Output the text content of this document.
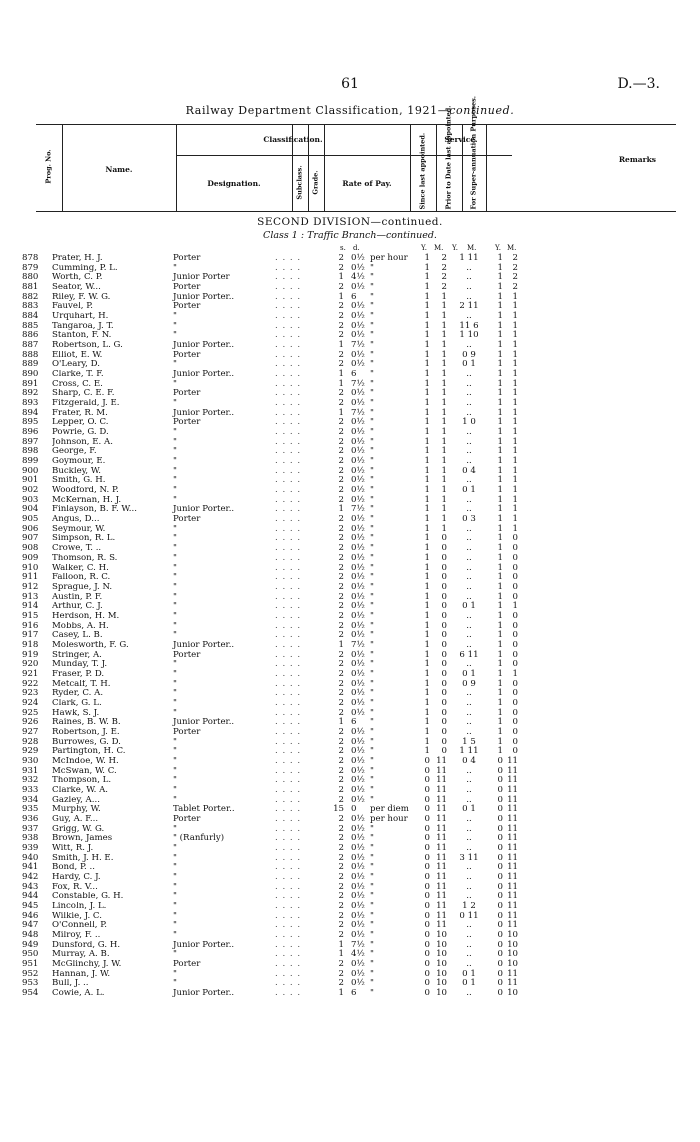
61	D.—3.
Railway Department Classification, 1921—continued.
Prog. No.	Name.
Classification.
Designation.	Subclass. Grade.	Rate of Pay.
Service.
Since last appointed.	Prior to Date last appointed.	For Super-annuation Purposes.	Remarks
SECOND DIVISION—continued.
Class 1 : Traffic Branch—continued.
s. d.	Y. M. Y. M.	Y. M.
. . . .
878	Prater, H. J.	Porter	2 0½ per hour	1	2	1 11	1	2
. . . .
879	Cumming, P. L.	"	2 0½ "	1	2	..	1	2
. . . .
880	Worth, C. P.	Junior Porter	1 4½ "	1	2	..	1	2
. . . .
881	Seator, W...	Porter	2 0½ "	1	2	..	1	2
. . . .
882	Riley, F. W. G.	Junior Porter..	1 6	"	1	1	..	1	1
. . . .
883	Fauvel, P.	Porter	2 0½ "	1	1	2 11	1	1
. . . .
884	Urquhart, H.	"	2 0½ "	1	1	..	1	1
. . . .
885	Tangaroa, J. T.	"	2 0½ "	1	1	11 6	1	1
. . . .
886	Stanton, F. N.	"	2 0½ "	1	1	1 10	1	1
. . . .
887	Robertson, L. G.	Junior Porter..	1 7½ "	1	1	..	1	1
. . . .
888	Elliot, E. W.	Porter	2 0½ "	1	1	0 9	1	1
. . . .
889	O'Leary, D.	"	2 0½ "	1	1	0 1	1	1
. . . .
890	Clarke, T. F.	Junior Porter..	1 6	"	1	1	..	1	1
. . . .
891	Cross, C. E.	"	1 7½ "	1	1	..	1	1
. . . .
892	Sharp, C. E. F.	Porter	2 0½ "	1	1	..	1	1
. . . .
893	Fitzgerald, J. E.	"	2 0½ "	1	1	..	1	1
. . . .
894	Frater, R. M.	Junior Porter..	1 7½ "	1	1	..	1	1
. . . .
895	Lepper, O. C.	Porter	2 0½ "	1	1	1 0	1	1
. . . .
896	Powrie, G. D.	"	2 0½ "	1	1	..	1	1
. . . .
897	Johnson, E. A.	"	2 0½ "	1	1	..	1	1
. . . .
898	George, F.	"	2 0½ "	1	1	..	1	1
. . . .
899	Goymour, E.	"	2 0½ "	1	1	..	1	1
. . . .
900	Buckley, W.	"	2 0½ "	1	1	0 4	1	1
. . . .
901	Smith, G. H.	"	2 0½ "	1	1	..	1	1
. . . .
902	Woodford, N. P.	"	2 0½ "	1	1	0 1	1	1
. . . .
903	McKernan, H. J.	"	2 0½ "	1	1	..	1	1
. . . .
904	Finlayson, B. F. W...	Junior Porter..	1 7½ "	1	1	..	1	1
. . . .
905	Angus, D...	Porter	2 0½ "	1	1	0 3	1	1
. . . .
906	Seymour, W.	"	2 0½ "	1	1	..	1	1
. . . .
907	Simpson, R. L.	"	2 0½ "	1	0	..	1	0
. . . .
908	Crowe, T. ..	"	2 0½ "	1	0	..	1	0
. . . .
909	Thomson, R. S.	"	2 0½ "	1	0	..	1	0
. . . .
910	Walker, C. H.	"	2 0½ "	1	0	..	1	0
. . . .
911	Falloon, R. C.	"	2 0½ "	1	0	..	1	0
. . . .
912	Sprague, J. N.	"	2 0½ "	1	0	..	1	0
. . . .
913	Austin, P. F.	"	2 0½ "	1	0	..	1	0
. . . .
914	Arthur, C. J.	"	2 0½ "	1	0	0 1	1	1
. . . .
915	Herdson, H. M.	"	2 0½ "	1	0	..	1	0
. . . .
916	Mobbs, A. H.	"	2 0½ "	1	0	..	1	0
. . . .
917	Casey, L. B.	"	2 0½ "	1	0	..	1	0
. . . .
918	Molesworth, F. G.	Junior Porter..	1 7½ "	1	0	..	1	0
. . . .
919	Stringer, A.	Porter	2 0½ "	1	0	6 11	1	0
. . . .
920	Munday, T. J.	"	2 0½ "	1	0	..	1	0
. . . .
921	Fraser, P. D.	"	2 0½ "	1	0	0 1	1	1
. . . .
922	Metcalf, T. H.	"	2 0½ "	1	0	0 9	1	0
. . . .
923	Ryder, C. A.	"	2 0½ "	1	0	..	1	0
. . . .
924	Clark, G. L.	"	2 0½ "	1	0	..	1	0
. . . .
925	Hawk, S. J.	"	2 0½ "	1	0	..	1	0
. . . .
926	Raines, B. W. B.	Junior Porter..	1 6	"	1	0	..	1	0
. . . .
927	Robertson, J. E.	Porter	2 0½ "	1	0	..	1	0
. . . .
928	Burrowes, G. D.	"	2 0½ "	1	0	1 5	1	0
. . . .
929	Partington, H. C.	"	2 0½ "	1	0	1 11	1	0
. . . .
930	McIndoe, W. H.	"	2 0½ "	0 11	0 4	0 11
. . . .
931	McSwan, W. C.	"	2 0½ "	0 11	..	0 11
. . . .
932	Thompson, L.	"	2 0½ "	0 11	..	0 11
. . . .
933	Clarke, W. A.	"	2 0½ "	0 11	..	0 11
. . . .
934	Gazley, A...	"	2 0½ "	0 11	..	0 11
. . . .
935	Murphy, W.	Tablet Porter..	15 0	per diem	0 11	0 1	0 11
. . . .
936	Guy, A. F...	Porter	2 0½ per hour	0 11	..	0 11
. . . .
937	Grigg, W. G.	"	2 0½ "	0 11	..	0 11
. . . .
938	Brown, James	" (Ranfurly)	2 0½ "	0 11	..	0 11
. . . .
939	Witt, R. J.	"	2 0½ "	0 11	..	0 11
. . . .
940	Smith, J. H. E.	"	2 0½ "	0 11	3 11	0 11
. . . .
941	Bond, P. ..	"	2 0½ "	0 11	..	0 11
. . . .
942	Hardy, C. J.	"	2 0½ "	0 11	..	0 11
. . . .
943	Fox, R. V...	"	2 0½ "	0 11	..	0 11
. . . .
944	Constable, G. H.	"	2 0½ "	0 11	..	0 11
. . . .
945	Lincoln, J. L.	"	2 0½ "	0 11	1 2	0 11
. . . .
946	Wilkie, J. C.	"	2 0½ "	0 11	0 11	0 11
. . . .
947	O'Connell, P.	"	2 0½ "	0 11	..	0 11
. . . .
948	Milroy, F. ..	"	2 0½ "	0 10	..	0 10
. . . .
949	Dunsford, G. H.	Junior Porter..	1 7½ "	0 10	..	0 10
. . . .
950	Murray, A. B.	"	1 4½ "	0 10	..	0 10
. . . .
951	McGlinchy, J. W.	Porter	2 0½ "	0 10	..	0 10
. . . .
952	Hannan, J. W.	"	2 0½ "	0 10	0 1	0 11
. . . .
953	Bull, J. ..	"	2 0½ "	0 10	0 1	0 11
. . . .
954	Cowie, A. L.	Junior Porter..	1 6	"	0 10	..	0 10
